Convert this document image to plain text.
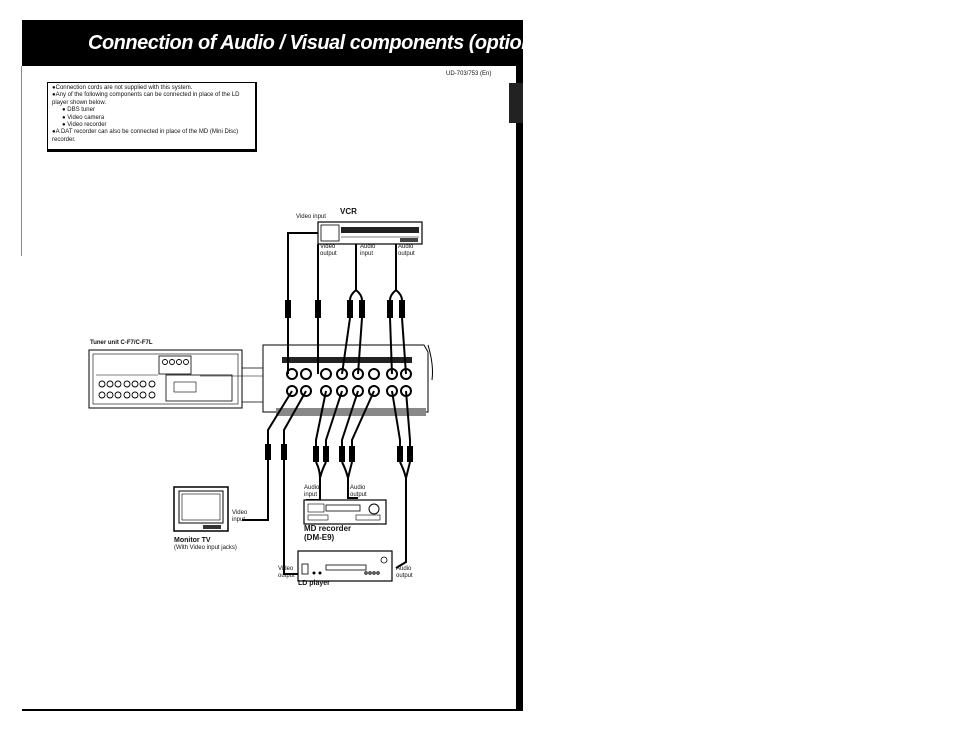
Connection of Audio / Visual components (optional)
UD-703/753 (En)

●Connection cords are not supplied with this system.

●Any of the following components can be connected in place of the LD player shown below.

● DBS tuner

● Video camera

● Video recorder

●A DAT recorder can also be connected in place of the MD (Mini Disc) recorder.

Video input
VCR
Video output
Audio input
Audio output
Tuner unit C-F7/C-F7L
Audio input
Audio output
MD recorder
(DM-E9)
Video input
Monitor TV
(With Video input jacks)
Video output
Audio output
LD player
